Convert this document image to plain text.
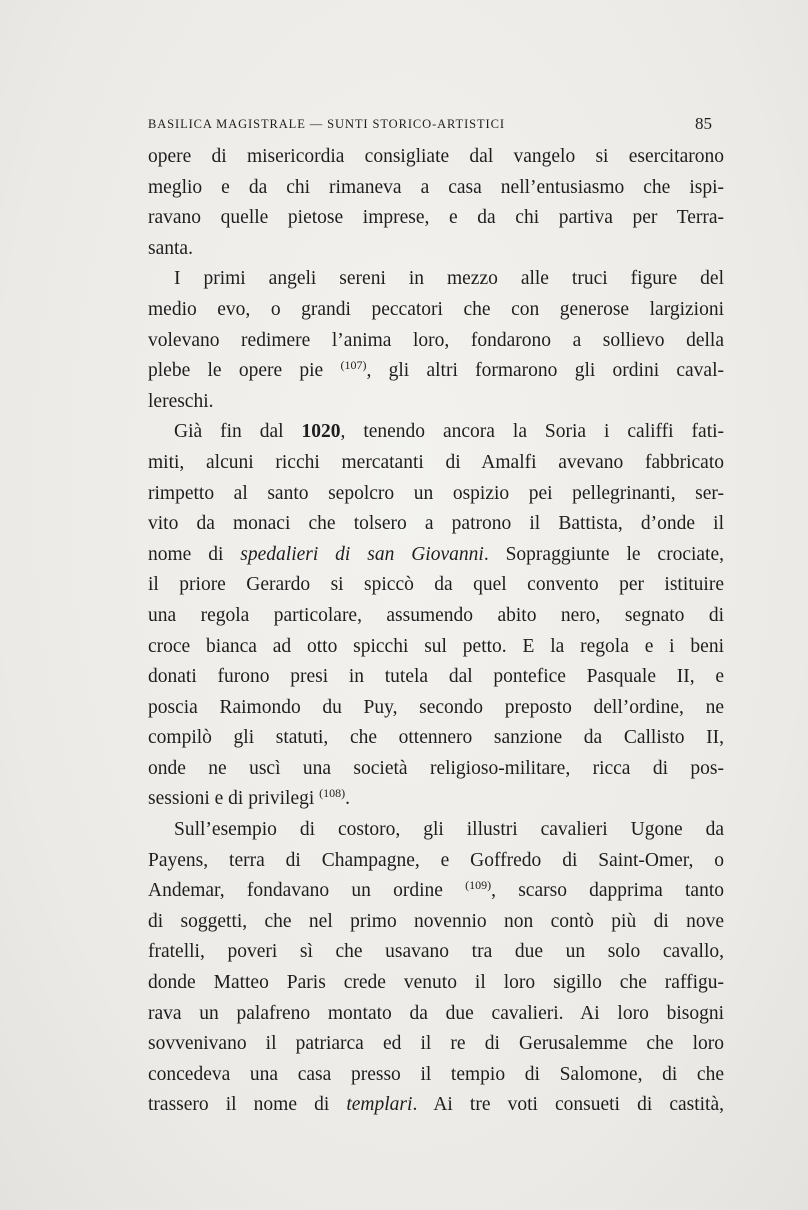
BASILICA MAGISTRALE — SUNTI STORICO-ARTISTICI	85
opere di misericordia consigliate dal vangelo si esercitarono
meglio e da chi rimaneva a casa nell’entusiasmo che ispi-
ravano quelle pietose imprese, e da chi partiva per Terra-
santa.
I primi angeli sereni in mezzo alle truci figure del
medio evo, o grandi peccatori che con generose largizioni
volevano redimere l’anima loro, fondarono a sollievo della
plebe le opere pie $^{(107)}$, gli altri formarono gli ordini caval-
lereschi.
Già fin dal 1020, tenendo ancora la Soria i califfi fati-
miti, alcuni ricchi mercatanti di Amalfi avevano fabbricato
rimpetto al santo sepolcro un ospizio pei pellegrinanti, ser-
vito da monaci che tolsero a patrono il Battista, d’onde il
nome di spedalieri di san Giovanni. Sopraggiunte le crociate,
il priore Gerardo si spiccò da quel convento per istituire
una regola particolare, assumendo abito nero, segnato di
croce bianca ad otto spicchi sul petto. E la regola e i beni
donati furono presi in tutela dal pontefice Pasquale II, e
poscia Raimondo du Puy, secondo preposto dell’ordine, ne
compilò gli statuti, che ottennero sanzione da Callisto II,
onde ne uscì una società religioso-militare, ricca di pos-
sessioni e di privilegi $^{(108)}$.
Sull’esempio di costoro, gli illustri cavalieri Ugone da
Payens, terra di Champagne, e Goffredo di Saint-Omer, o
Andemar, fondavano un ordine $^{(109)}$, scarso dapprima tanto
di soggetti, che nel primo novennio non contò più di nove
fratelli, poveri sì che usavano tra due un solo cavallo,
donde Matteo Paris crede venuto il loro sigillo che raffigu-
rava un palafreno montato da due cavalieri. Ai loro bisogni
sovvenivano il patriarca ed il re di Gerusalemme che loro
concedeva una casa presso il tempio di Salomone, di che
trassero il nome di templari. Ai tre voti consueti di castità,
